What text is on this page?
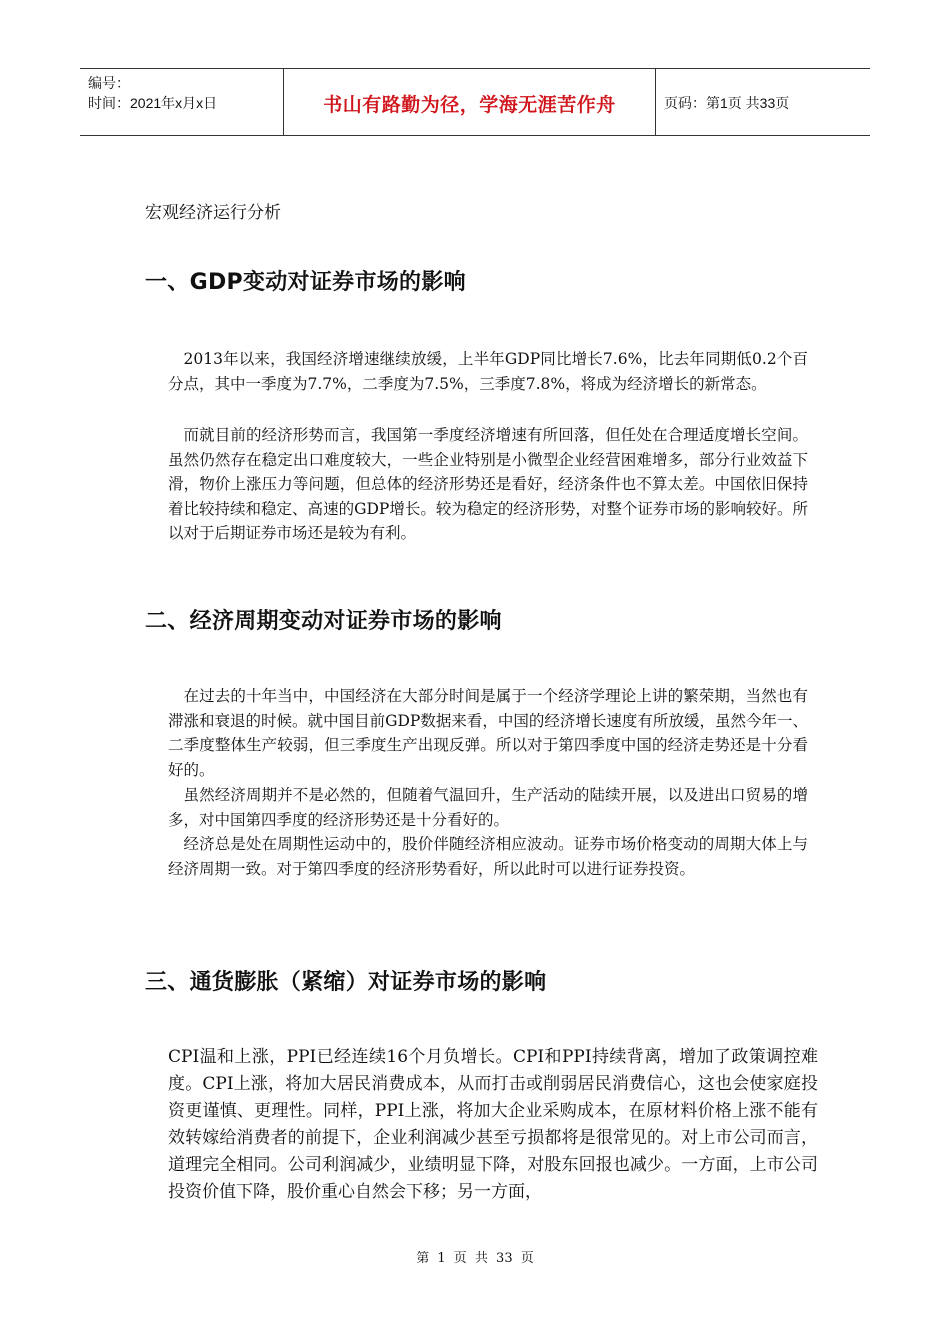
编号：
时间：2021年x月x日	书山有路勤为径，学海无涯苦作舟	页码：第1页 共33页
宏观经济运行分析
一、GDP变动对证券市场的影响

2013年以来，我国经济增速继续放缓，上半年GDP同比增长7.6%，比去年同期低0.2个百分点，其中一季度为7.7%，二季度为7.5%，三季度7.8%，将成为经济增长的新常态。

而就目前的经济形势而言，我国第一季度经济增速有所回落，但任处在合理适度增长空间。虽然仍然存在稳定出口难度较大，一些企业特别是小微型企业经营困难增多，部分行业效益下滑，物价上涨压力等问题，但总体的经济形势还是看好，经济条件也不算太差。中国依旧保持着比较持续和稳定、高速的GDP增长。较为稳定的经济形势，对整个证券市场的影响较好。所以对于后期证券市场还是较为有利。

二、经济周期变动对证券市场的影响

在过去的十年当中，中国经济在大部分时间是属于一个经济学理论上讲的繁荣期，当然也有滞涨和衰退的时候。就中国目前GDP数据来看，中国的经济增长速度有所放缓，虽然今年一、二季度整体生产较弱，但三季度生产出现反弹。所以对于第四季度中国的经济走势还是十分看好的。

虽然经济周期并不是必然的，但随着气温回升，生产活动的陆续开展，以及进出口贸易的增多，对中国第四季度的经济形势还是十分看好的。

经济总是处在周期性运动中的，股价伴随经济相应波动。证券市场价格变动的周期大体上与经济周期一致。对于第四季度的经济形势看好，所以此时可以进行证券投资。

三、通货膨胀（紧缩）对证券市场的影响

CPI温和上涨，PPI已经连续16个月负增长。CPI和PPI持续背离，增加了政策调控难度。CPI上涨，将加大居民消费成本，从而打击或削弱居民消费信心，这也会使家庭投资更谨慎、更理性。同样，PPI上涨，将加大企业采购成本，在原材料价格上涨不能有效转嫁给消费者的前提下，企业利润减少甚至亏损都将是很常见的。对上市公司而言，道理完全相同。公司利润减少，业绩明显下降，对股东回报也减少。一方面，上市公司投资价值下降，股价重心自然会下移；另一方面，

第 1 页 共 33 页
